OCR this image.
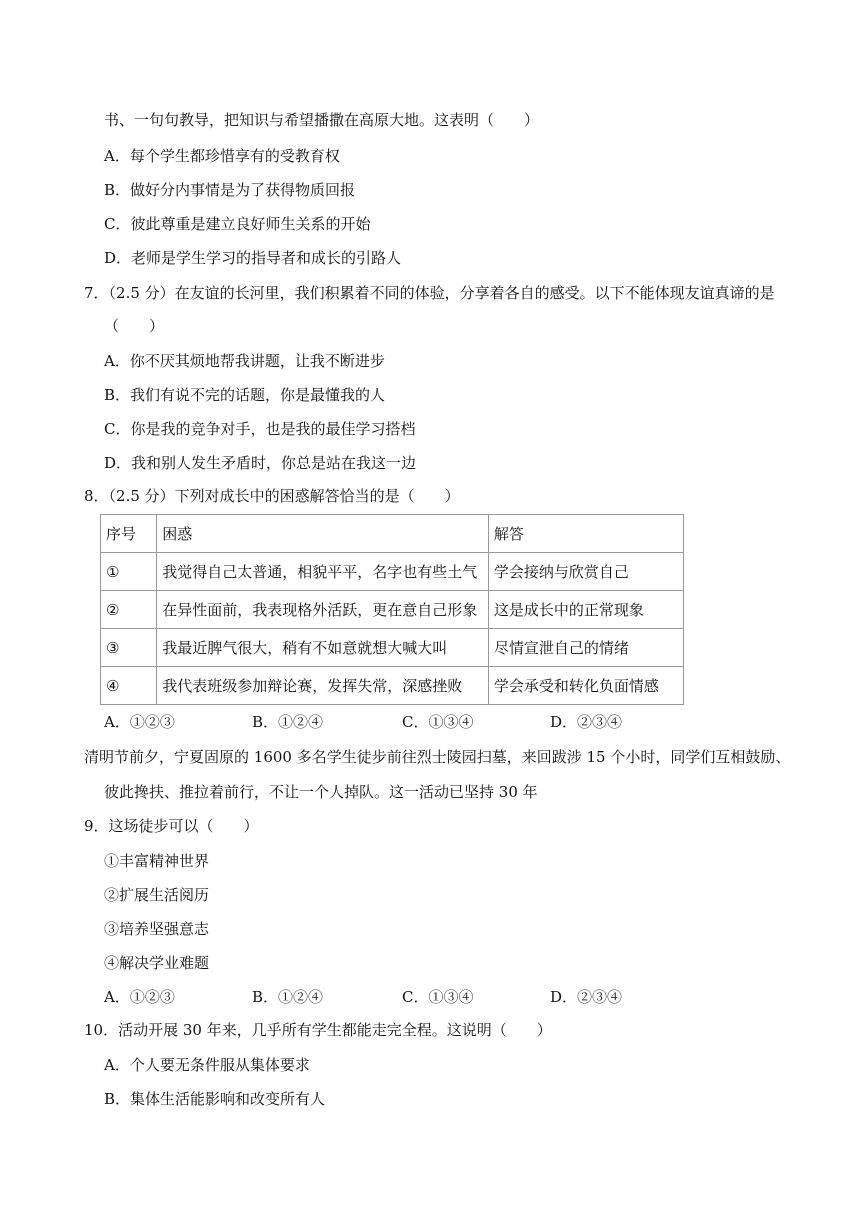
书、一句句教导，把知识与希望播撒在高原大地。这表明（　　）
A．每个学生都珍惜享有的受教育权
B．做好分内事情是为了获得物质回报
C．彼此尊重是建立良好师生关系的开始
D．老师是学生学习的指导者和成长的引路人
7．（2.5 分）在友谊的长河里，我们积累着不同的体验，分享着各自的感受。以下不能体现友谊真谛的是
（　　）
A．你不厌其烦地帮我讲题，让我不断进步
B．我们有说不完的话题，你是最懂我的人
C．你是我的竞争对手，也是我的最佳学习搭档
D．我和别人发生矛盾时，你总是站在我这一边
8．（2.5 分）下列对成长中的困惑解答恰当的是（　　）
序号	困惑	解答
①	我觉得自己太普通，相貌平平，名字也有些土气	学会接纳与欣赏自己
②	在异性面前，我表现格外活跃，更在意自己形象	这是成长中的正常现象
③	我最近脾气很大，稍有不如意就想大喊大叫	尽情宣泄自己的情绪
④	我代表班级参加辩论赛，发挥失常，深感挫败	学会承受和转化负面情感
A．①②③	B．①②④	C．①③④	D．②③④
清明节前夕，宁夏固原的 1600 多名学生徒步前往烈士陵园扫墓，来回跋涉 15 个小时，同学们互相鼓励、
彼此搀扶、推拉着前行，不让一个人掉队。这一活动已坚持 30 年
9．这场徒步可以（　　）
①丰富精神世界
②扩展生活阅历
③培养坚强意志
④解决学业难题
A．①②③	B．①②④	C．①③④	D．②③④
10．活动开展 30 年来，几乎所有学生都能走完全程。这说明（　　）
A．个人要无条件服从集体要求
B．集体生活能影响和改变所有人
